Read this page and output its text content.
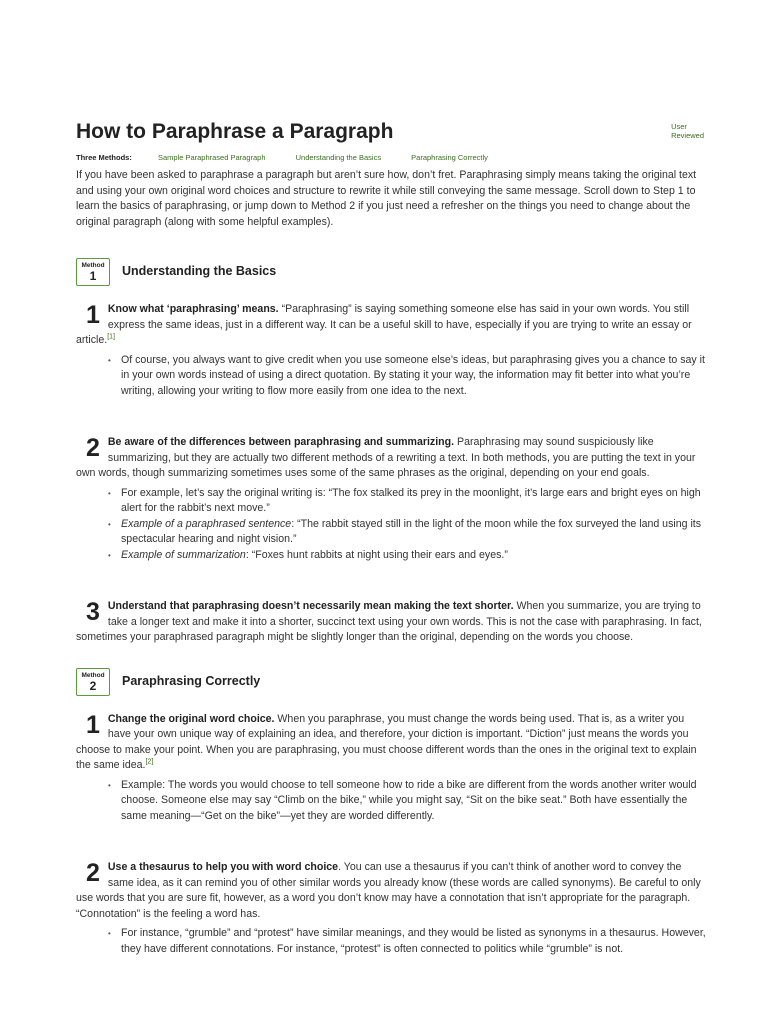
How to Paraphrase a Paragraph	User
Reviewed
Three Methods:	Sample Paraphrased Paragraph	Understanding the Basics	Paraphrasing Correctly

If you have been asked to paraphrase a paragraph but aren’t sure how, don’t fret. Paraphrasing simply means taking the original text and using your own original word choices and structure to rewrite it while still conveying the same message. Scroll down to Step 1 to learn the basics of paraphrasing, or jump down to Method 2 if you just need a refresher on the things you need to change about the original paragraph (along with some helpful examples).

Method
1	Understanding the Basics
1 Know what ‘paraphrasing’ means. “Paraphrasing” is saying something someone else has said in your own words. You still express the same ideas, just in a different way. It can be a useful skill to have, especially if you are trying to write an essay or article.[1]

• Of course, you always want to give credit when you use someone else’s ideas, but paraphrasing gives you a chance to say it in your own words instead of using a direct quotation. By stating it your way, the information may fit better into what you’re writing, allowing your writing to flow more easily from one idea to the next.
2 Be aware of the differences between paraphrasing and summarizing. Paraphrasing may sound suspiciously like summarizing, but they are actually two different methods of a rewriting a text. In both methods, you are putting the text in your own words, though summarizing sometimes uses some of the same phrases as the original, depending on your end goals.

• For example, let’s say the original writing is: “The fox stalked its prey in the moonlight, it’s large ears and bright eyes on high alert for the rabbit’s next move.”
• Example of a paraphrased sentence: “The rabbit stayed still in the light of the moon while the fox surveyed the land using its spectacular hearing and night vision.”
• Example of summarization: “Foxes hunt rabbits at night using their ears and eyes.”
3 Understand that paraphrasing doesn’t necessarily mean making the text shorter. When you summarize, you are trying to take a longer text and make it into a shorter, succinct text using your own words. This is not the case with paraphrasing. In fact, sometimes your paraphrased paragraph might be slightly longer than the original, depending on the words you choose.

Method
2	Paraphrasing Correctly
1 Change the original word choice. When you paraphrase, you must change the words being used. That is, as a writer you have your own unique way of explaining an idea, and therefore, your diction is important. “Diction” just means the words you choose to make your point. When you are paraphrasing, you must choose different words than the ones in the original text to explain the same idea.[2]

• Example: The words you would choose to tell someone how to ride a bike are different from the words another writer would choose. Someone else may say “Climb on the bike,” while you might say, “Sit on the bike seat.” Both have essentially the same meaning—“Get on the bike”—yet they are worded differently.
2 Use a thesaurus to help you with word choice. You can use a thesaurus if you can’t think of another word to convey the same idea, as it can remind you of other similar words you already know (these words are called synonyms). Be careful to only use words that you are sure fit, however, as a word you don’t know may have a connotation that isn’t appropriate for the paragraph. “Connotation” is the feeling a word has.

• For instance, “grumble” and “protest” have similar meanings, and they would be listed as synonyms in a thesaurus. However, they have different connotations. For instance, “protest” is often connected to politics while “grumble” is not.
